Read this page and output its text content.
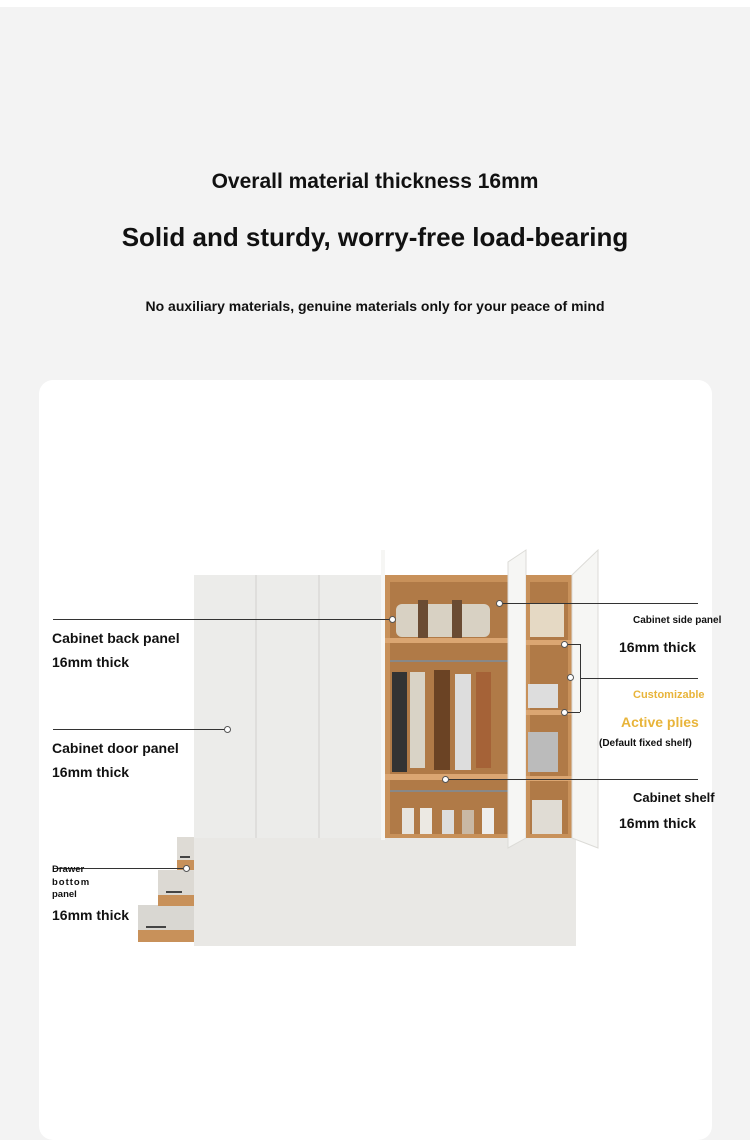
Overall material thickness 16mm
Solid and sturdy, worry-free load-bearing
No auxiliary materials, genuine materials only for your peace of mind
Cabinet back panel
16mm thick
Cabinet door panel
16mm thick
Drawer
bottom
panel
16mm thick
Cabinet side panel
16mm thick
Customizable
Active plies
(Default fixed shelf)
Cabinet shelf
16mm thick
